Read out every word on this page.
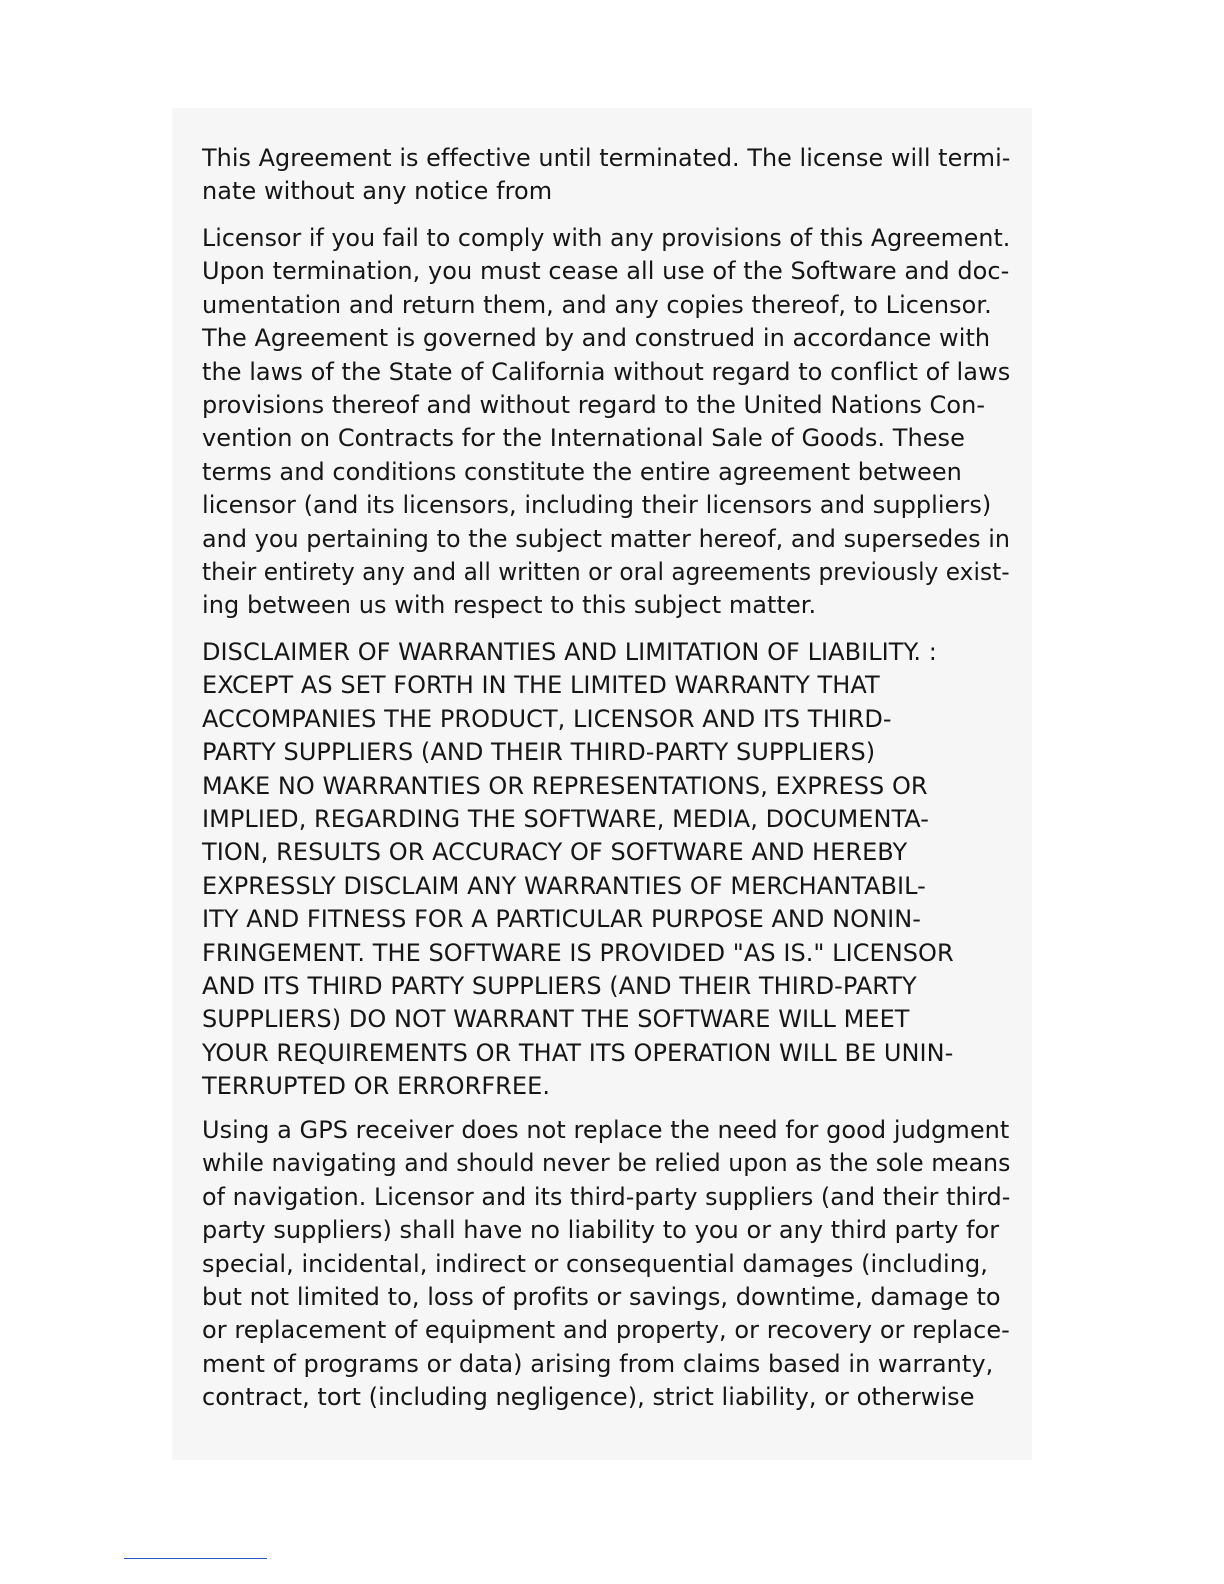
This Agreement is effective until terminated. The license will termi-
nate without any notice from
Licensor if you fail to comply with any provisions of this Agreement.
Upon termination, you must cease all use of the Software and doc-
umentation and return them, and any copies thereof, to Licensor.
The Agreement is governed by and construed in accordance with
the laws of the State of California without regard to conflict of laws
provisions thereof and without regard to the United Nations Con-
vention on Contracts for the International Sale of Goods. These
terms and conditions constitute the entire agreement between
licensor (and its licensors, including their licensors and suppliers)
and you pertaining to the subject matter hereof, and supersedes in
their entirety any and all written or oral agreements previously exist-
ing between us with respect to this subject matter.
DISCLAIMER OF WARRANTIES AND LIMITATION OF LIABILITY. :
EXCEPT AS SET FORTH IN THE LIMITED WARRANTY THAT
ACCOMPANIES THE PRODUCT, LICENSOR AND ITS THIRD-
PARTY SUPPLIERS (AND THEIR THIRD-PARTY SUPPLIERS)
MAKE NO WARRANTIES OR REPRESENTATIONS, EXPRESS OR
IMPLIED, REGARDING THE SOFTWARE, MEDIA, DOCUMENTA-
TION, RESULTS OR ACCURACY OF SOFTWARE AND HEREBY
EXPRESSLY DISCLAIM ANY WARRANTIES OF MERCHANTABIL-
ITY AND FITNESS FOR A PARTICULAR PURPOSE AND NONIN-
FRINGEMENT. THE SOFTWARE IS PROVIDED "AS IS." LICENSOR
AND ITS THIRD PARTY SUPPLIERS (AND THEIR THIRD-PARTY
SUPPLIERS) DO NOT WARRANT THE SOFTWARE WILL MEET
YOUR REQUIREMENTS OR THAT ITS OPERATION WILL BE UNIN-
TERRUPTED OR ERRORFREE.
Using a GPS receiver does not replace the need for good judgment
while navigating and should never be relied upon as the sole means
of navigation. Licensor and its third-party suppliers (and their third-
party suppliers) shall have no liability to you or any third party for
special, incidental, indirect or consequential damages (including,
but not limited to, loss of profits or savings, downtime, damage to
or replacement of equipment and property, or recovery or replace-
ment of programs or data) arising from claims based in warranty,
contract, tort (including negligence), strict liability, or otherwise
